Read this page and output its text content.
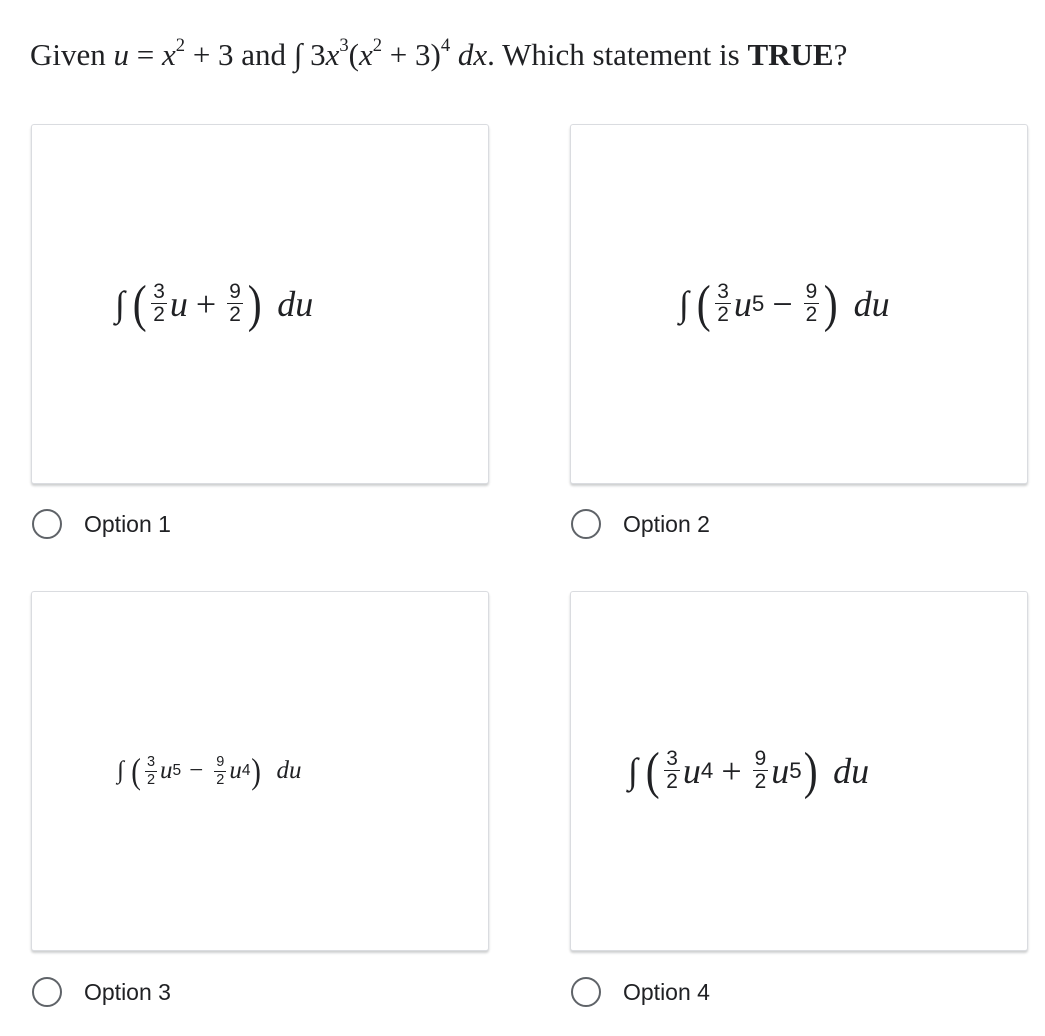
Given $u = x^2 + 3$ and ∫ $3x^3(x^2 + 3)^4$ dx. Which statement is TRUE?
∫ ( $\frac{3}{2}$ $u + \frac{9}{2}$ ) du	∫ ( $\frac{3}{2}$ u $5 - \frac{9}{2}$ ) du
∫ ( $\frac{3}{2}$ u $5 - \frac{9}{2}$ u 4 ) du	∫ ( $\frac{3}{2}$ u $4 + \frac{9}{2}$ u 5 ) du
Option 1	Option 2
Option 3	Option 4
